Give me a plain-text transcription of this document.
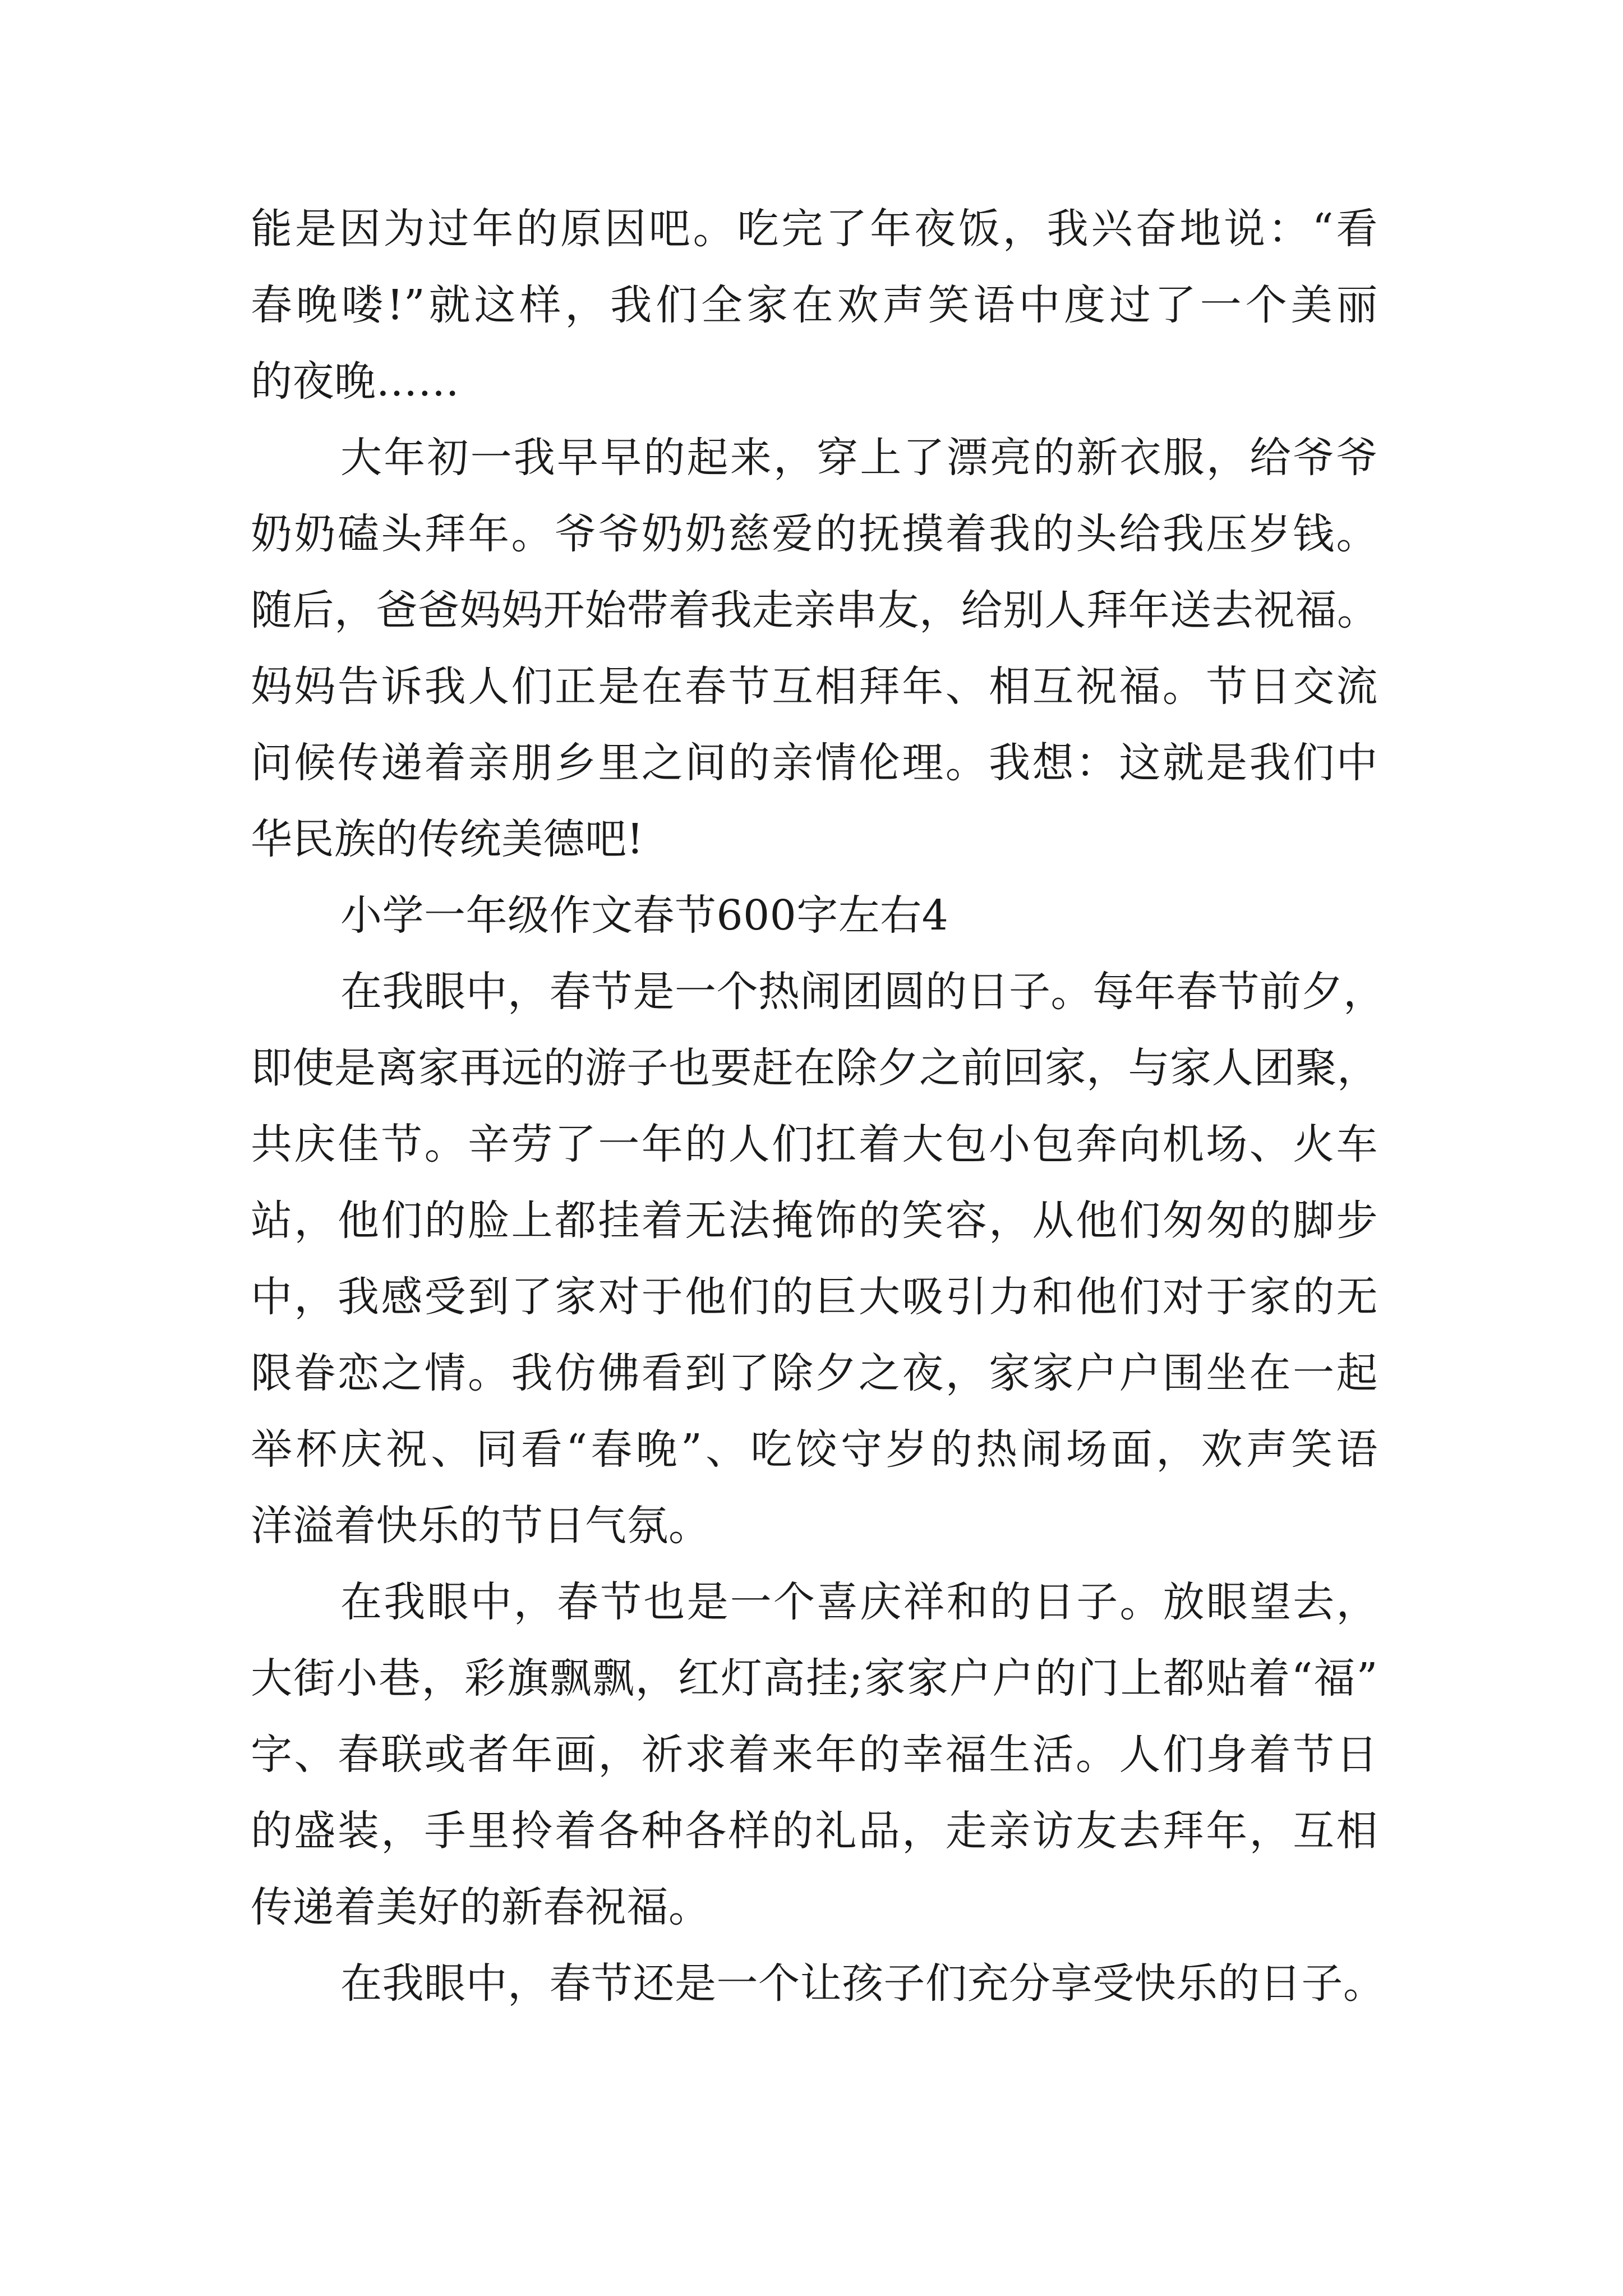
能是因为过年的原因吧。吃完了年夜饭，我兴奋地说：“看
春晚喽!”就这样，我们全家在欢声笑语中度过了一个美丽
的夜晚……
大年初一我早早的起来，穿上了漂亮的新衣服，给爷爷
奶奶磕头拜年。爷爷奶奶慈爱的抚摸着我的头给我压岁钱。
随后，爸爸妈妈开始带着我走亲串友，给别人拜年送去祝福。
妈妈告诉我人们正是在春节互相拜年、相互祝福。节日交流
问候传递着亲朋乡里之间的亲情伦理。我想：这就是我们中
华民族的传统美德吧!
小学一年级作文春节600字左右4
在我眼中，春节是一个热闹团圆的日子。每年春节前夕，
即使是离家再远的游子也要赶在除夕之前回家，与家人团聚，
共庆佳节。辛劳了一年的人们扛着大包小包奔向机场、火车
站，他们的脸上都挂着无法掩饰的笑容，从他们匆匆的脚步
中，我感受到了家对于他们的巨大吸引力和他们对于家的无
限眷恋之情。我仿佛看到了除夕之夜，家家户户围坐在一起
举杯庆祝、同看“春晚”、吃饺守岁的热闹场面，欢声笑语
洋溢着快乐的节日气氛。
在我眼中，春节也是一个喜庆祥和的日子。放眼望去，
大街小巷，彩旗飘飘，红灯高挂;家家户户的门上都贴着“福”
字、春联或者年画，祈求着来年的幸福生活。人们身着节日
的盛装，手里拎着各种各样的礼品，走亲访友去拜年，互相
传递着美好的新春祝福。
在我眼中，春节还是一个让孩子们充分享受快乐的日子。
